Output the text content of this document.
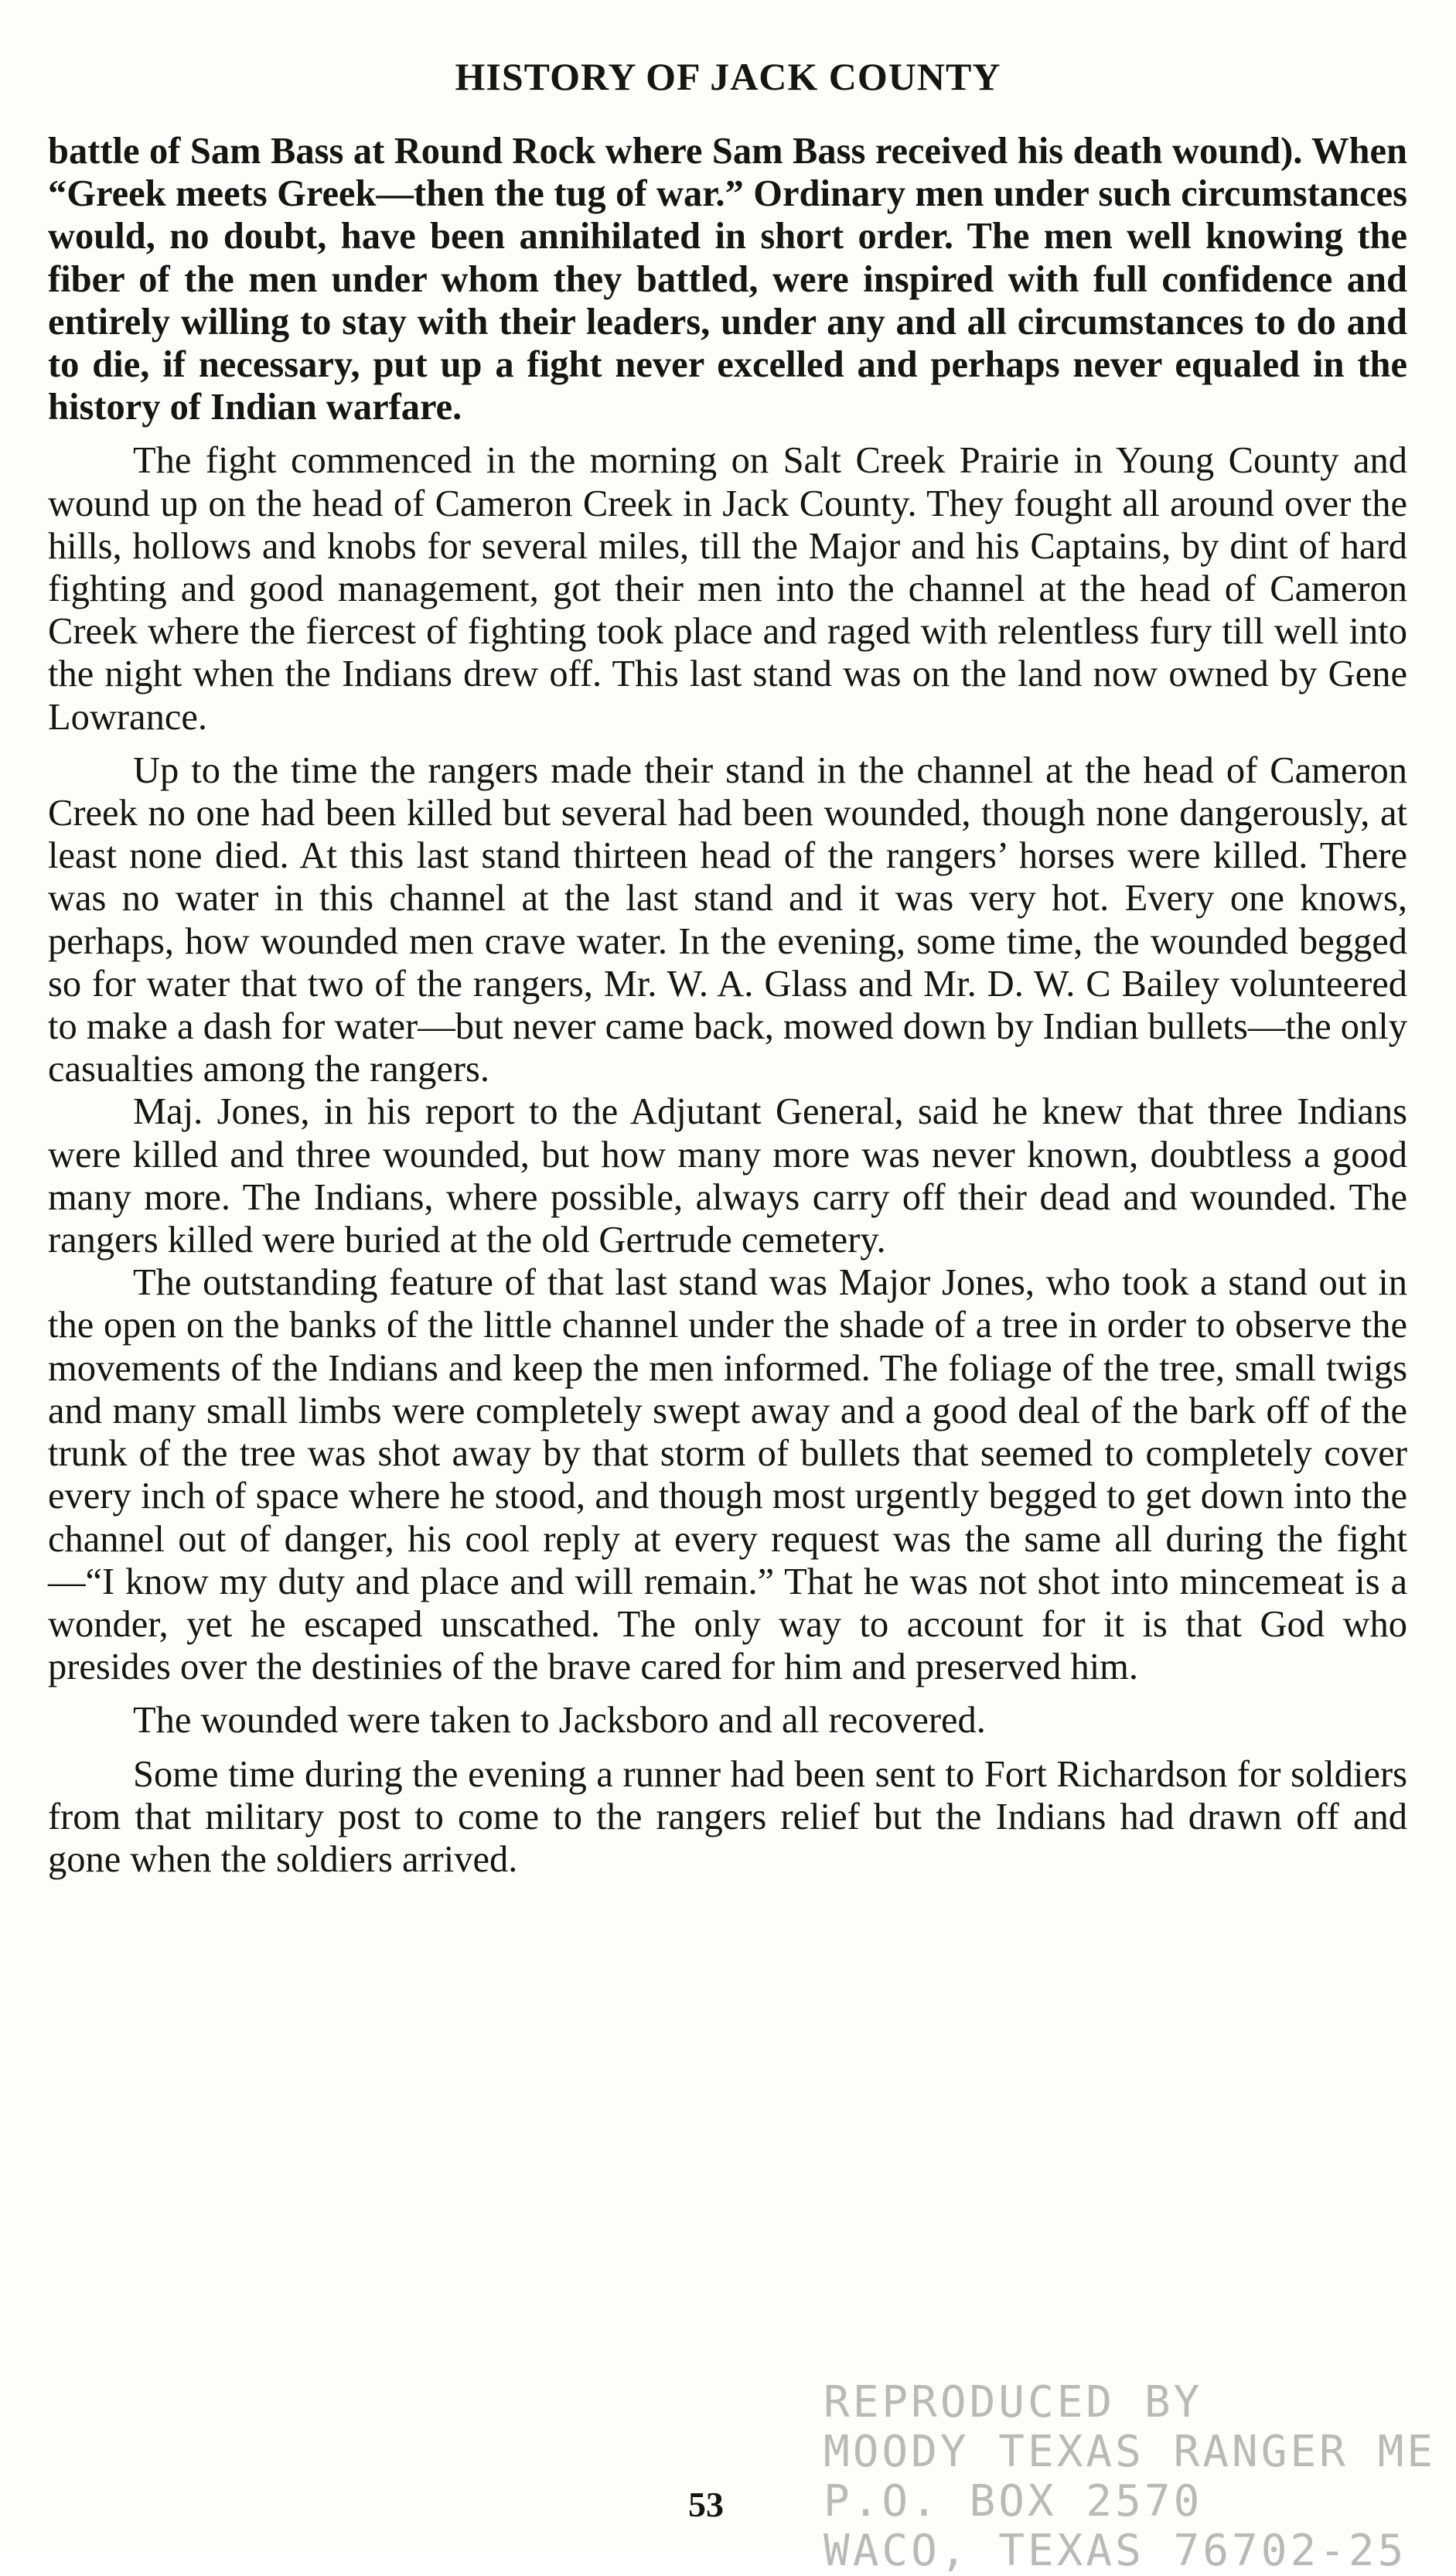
HISTORY OF JACK COUNTY

battle of Sam Bass at Round Rock where Sam Bass received his death wound). When “Greek meets Greek—then the tug of war.” Ordinary men under such circumstances would, no doubt, have been annihilated in short order. The men well knowing the fiber of the men under whom they battled, were inspired with full confidence and entirely willing to stay with their leaders, under any and all circumstances to do and to die, if necessary, put up a fight never excelled and perhaps never equaled in the history of Indian warfare.

The fight commenced in the morning on Salt Creek Prairie in Young County and wound up on the head of Cameron Creek in Jack County. They fought all around over the hills, hollows and knobs for several miles, till the Major and his Captains, by dint of hard fighting and good management, got their men into the channel at the head of Cameron Creek where the fiercest of fighting took place and raged with relentless fury till well into the night when the Indians drew off. This last stand was on the land now owned by Gene Lowrance.

Up to the time the rangers made their stand in the channel at the head of Cameron Creek no one had been killed but several had been wounded, though none dangerously, at least none died. At this last stand thirteen head of the rangers’ horses were killed. There was no water in this channel at the last stand and it was very hot. Every one knows, perhaps, how wounded men crave water. In the evening, some time, the wounded begged so for water that two of the rangers, Mr. W. A. Glass and Mr. D. W. C Bailey volunteered to make a dash for water—but never came back, mowed down by Indian bullets—the only casualties among the rangers.

Maj. Jones, in his report to the Adjutant General, said he knew that three Indians were killed and three wounded, but how many more was never known, doubtless a good many more. The Indians, where possible, always carry off their dead and wounded. The rangers killed were buried at the old Gertrude cemetery.

The outstanding feature of that last stand was Major Jones, who took a stand out in the open on the banks of the little channel under the shade of a tree in order to observe the movements of the Indians and keep the men informed. The foliage of the tree, small twigs and many small limbs were completely swept away and a good deal of the bark off of the trunk of the tree was shot away by that storm of bullets that seemed to completely cover every inch of space where he stood, and though most urgently begged to get down into the channel out of danger, his cool reply at every request was the same all during the fight—“I know my duty and place and will remain.” That he was not shot into mincemeat is a wonder, yet he escaped unscathed. The only way to account for it is that God who presides over the destinies of the brave cared for him and preserved him.

The wounded were taken to Jacksboro and all recovered.

Some time during the evening a runner had been sent to Fort Richardson for soldiers from that military post to come to the rangers relief but the Indians had drawn off and gone when the soldiers arrived.

53
REPRODUCED BY
MOODY TEXAS RANGER ME
P.O. BOX 2570
WACO, TEXAS 76702-25
